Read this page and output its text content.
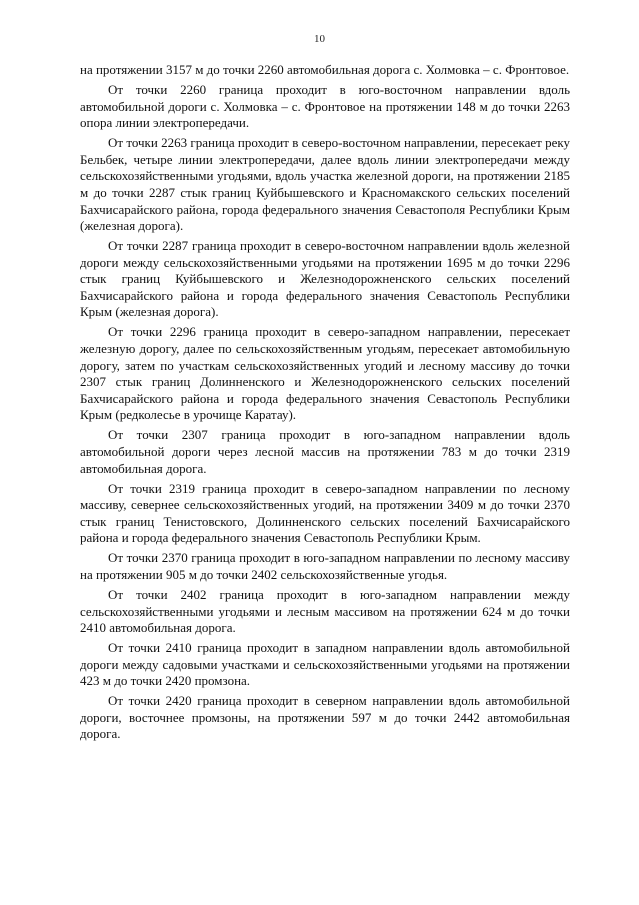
10

на протяжении 3157 м до точки 2260 автомобильная дорога с. Холмовка – с. Фронтовое.

От точки 2260 граница проходит в юго-восточном направлении вдоль автомобильной дороги с. Холмовка – с. Фронтовое на протяжении 148 м до точки 2263 опора линии электропередачи.

От точки 2263 граница проходит в северо-восточном направлении, пересекает реку Бельбек, четыре линии электропередачи, далее вдоль линии электропередачи между сельскохозяйственными угодьями, вдоль участка железной дороги, на протяжении 2185 м до точки 2287 стык границ Куйбышевского и Красномакского сельских поселений Бахчисарайского района, города федерального значения Севастополя Республики Крым (железная дорога).

От точки 2287 граница проходит в северо-восточном направлении вдоль железной дороги между сельскохозяйственными угодьями на протяжении 1695 м до точки 2296 стык границ Куйбышевского и Железнодорожненского сельских поселений Бахчисарайского района и города федерального значения Севастополь Республики Крым (железная дорога).

От точки 2296 граница проходит в северо-западном направлении, пересекает железную дорогу, далее по сельскохозяйственным угодьям, пересекает автомобильную дорогу, затем по участкам сельскохозяйственных угодий и лесному массиву до точки 2307 стык границ Долинненского и Железнодорожненского сельских поселений Бахчисарайского района и города федерального значения Севастополь Республики Крым (редколесье в урочище Каратау).

От точки 2307 граница проходит в юго-западном направлении вдоль автомобильной дороги через лесной массив на протяжении 783 м до точки 2319 автомобильная дорога.

От точки 2319 граница проходит в северо-западном направлении по лесному массиву, севернее сельскохозяйственных угодий, на протяжении 3409 м до точки 2370 стык границ Тенистовского, Долинненского сельских поселений Бахчисарайского района и города федерального значения Севастополь Республики Крым.

От точки 2370 граница проходит в юго-западном направлении по лесному массиву на протяжении 905 м до точки 2402 сельскохозяйственные угодья.

От точки 2402 граница проходит в юго-западном направлении между сельскохозяйственными угодьями и лесным массивом на протяжении 624 м до точки 2410 автомобильная дорога.

От точки 2410 граница проходит в западном направлении вдоль автомобильной дороги между садовыми участками и сельскохозяйственными угодьями на протяжении 423 м до точки 2420 промзона.

От точки 2420 граница проходит в северном направлении вдоль автомобильной дороги, восточнее промзоны, на протяжении 597 м до точки 2442 автомобильная дорога.
